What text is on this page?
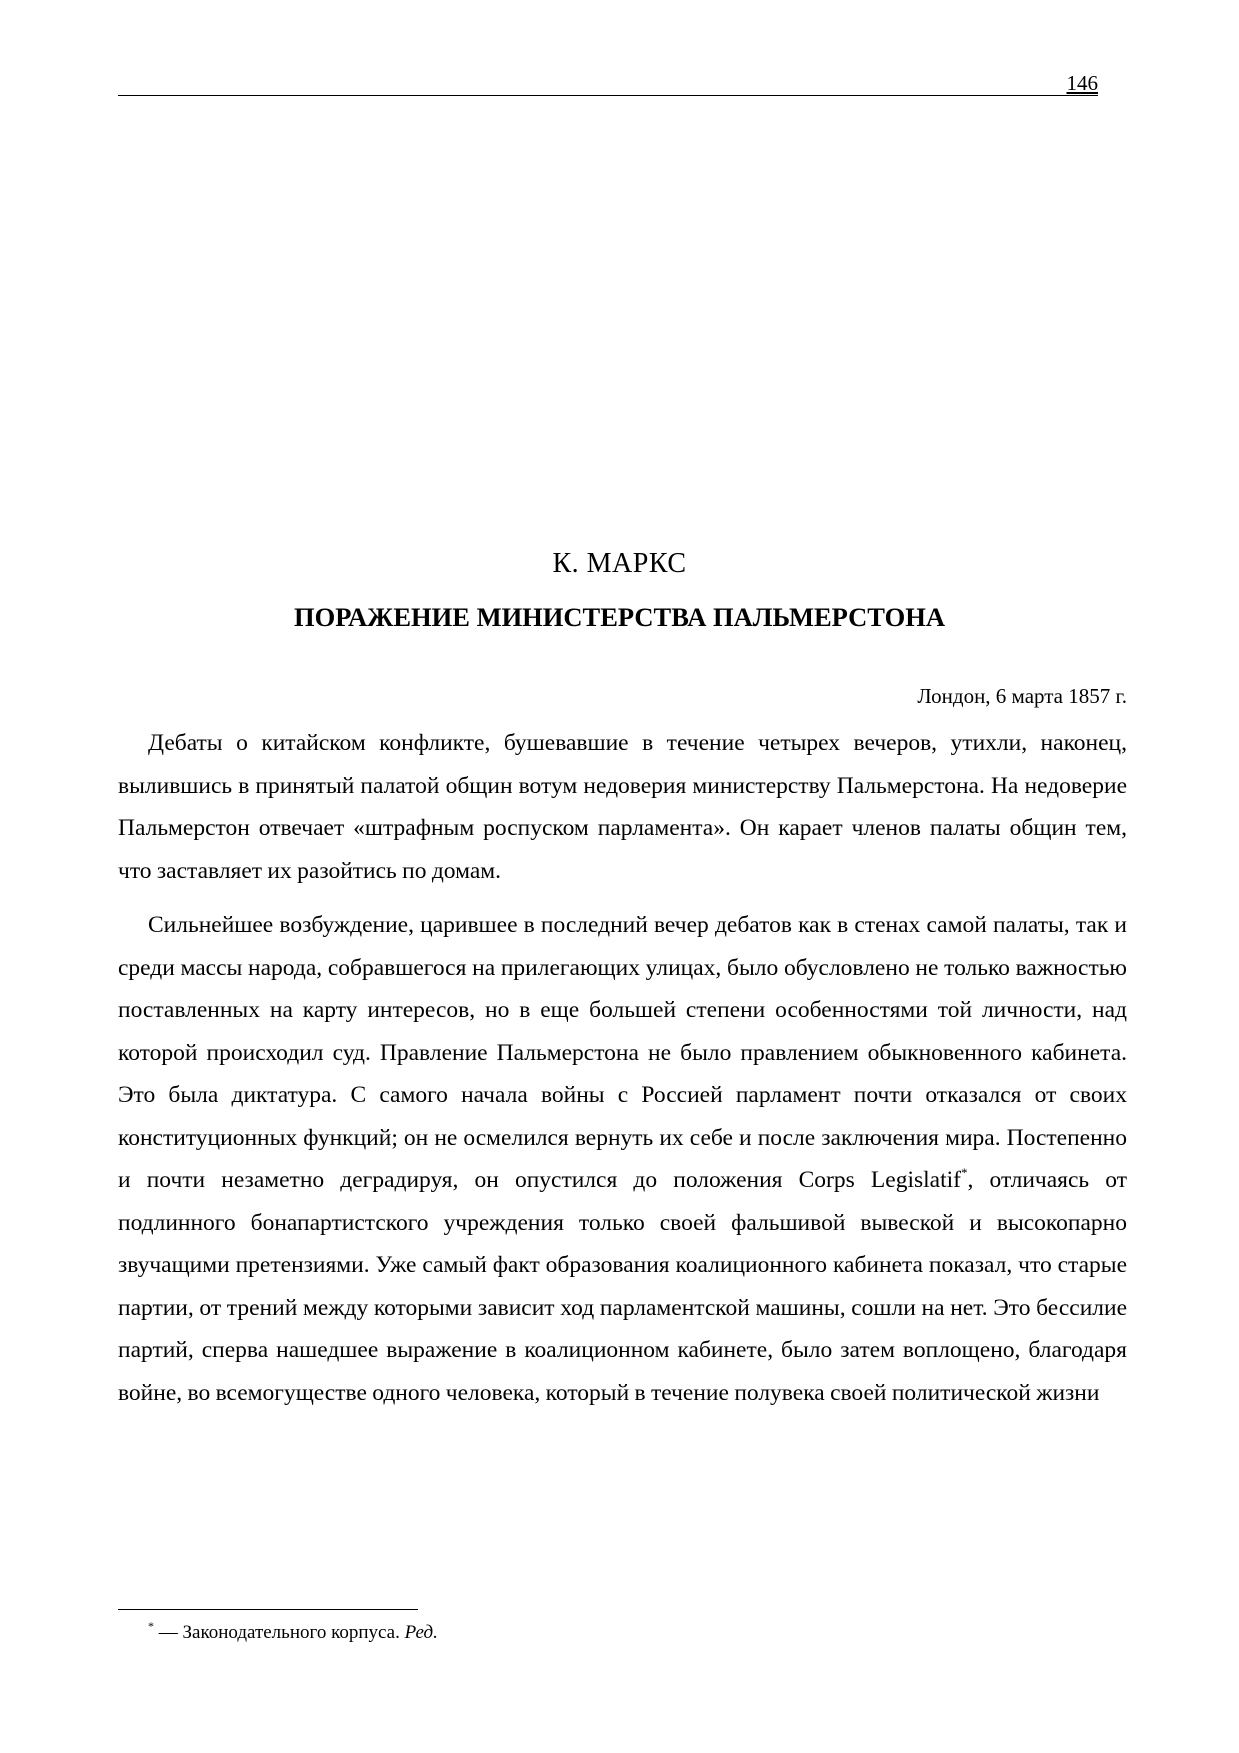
146
К. МАРКС
ПОРАЖЕНИЕ МИНИСТЕРСТВА ПАЛЬМЕРСТОНА
Лондон, 6 марта 1857 г.

Дебаты о китайском конфликте, бушевавшие в течение четырех вечеров, утихли, наконец, вылившись в принятый палатой общин вотум недоверия министерству Пальмерстона. На недоверие Пальмерстон отвечает «штрафным роспуском парламента». Он карает членов палаты общин тем, что заставляет их разойтись по домам.

Сильнейшее возбуждение, царившее в последний вечер дебатов как в стенах самой палаты, так и среди массы народа, собравшегося на прилегающих улицах, было обусловлено не только важностью поставленных на карту интересов, но в еще большей степени особенностями той личности, над которой происходил суд. Правление Пальмерстона не было правлением обыкновенного кабинета. Это была диктатура. С самого начала войны с Россией парламент почти отказался от своих конституционных функций; он не осмелился вернуть их себе и после заключения мира. Постепенно и почти незаметно деградируя, он опустился до положения Corps Legislatif*, отличаясь от подлинного бонапартистского учреждения только своей фальшивой вывеской и высокопарно звучащими претензиями. Уже самый факт образования коалиционного кабинета показал, что старые партии, от трений между которыми зависит ход парламентской машины, сошли на нет. Это бессилие партий, сперва нашедшее выражение в коалиционном кабинете, было затем воплощено, благодаря войне, во всемогуществе одного человека, который в течение полувека своей политической жизни

* — Законодательного корпуса. Ред.
